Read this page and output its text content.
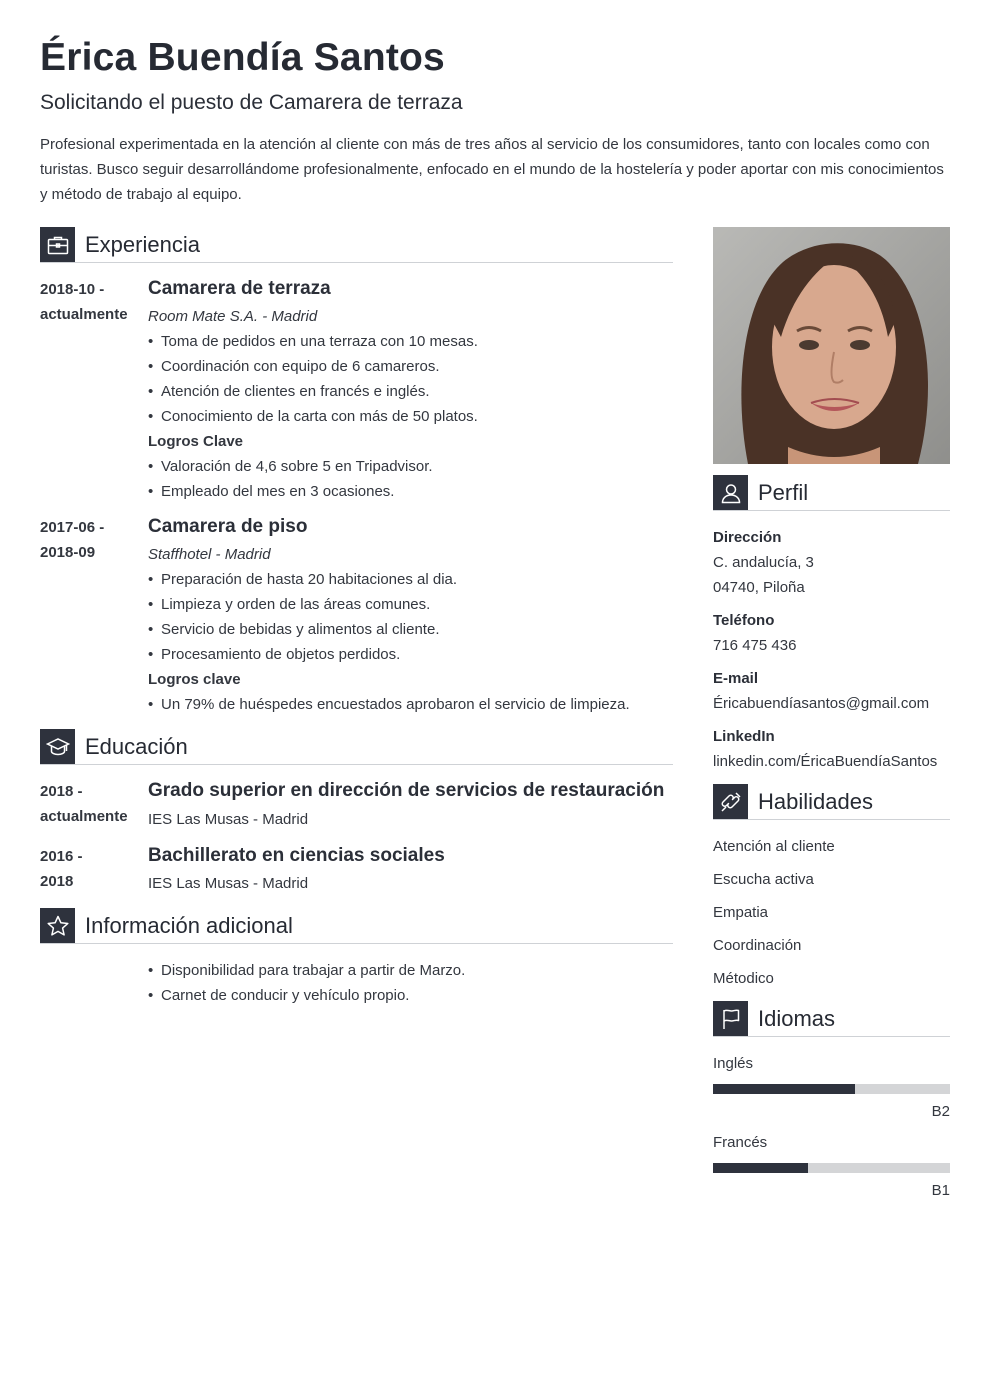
Érica Buendía Santos
Solicitando el puesto de Camarera de terraza
Profesional experimentada en la atención al cliente con más de tres años al servicio de los consumidores, tanto con locales como con turistas. Busco seguir desarrollándome profesionalmente, enfocado en el mundo de la hostelería y poder aportar con mis conocimientos y método de trabajo al equipo.
Experiencia
2018-10 -
actualmente
Camarera de terraza
Room Mate S.A. - Madrid
• Toma de pedidos en una terraza con 10 mesas.
• Coordinación con equipo de 6 camareros.
• Atención de clientes en francés e inglés.
• Conocimiento de la carta con más de 50 platos.
Logros Clave
• Valoración de 4,6 sobre 5 en Tripadvisor.
• Empleado del mes en 3 ocasiones.
2017-06 -
2018-09
Camarera de piso
Staffhotel - Madrid
• Preparación de hasta 20 habitaciones al dia.
• Limpieza y orden de las áreas comunes.
• Servicio de bebidas y alimentos al cliente.
• Procesamiento de objetos perdidos.
Logros clave
• Un 79% de huéspedes encuestados aprobaron el servicio de limpieza.
Educación
2018 -
actualmente
Grado superior en dirección de servicios de restauración
IES Las Musas - Madrid
2016 -
2018
Bachillerato en ciencias sociales
IES Las Musas - Madrid
Información adicional
• Disponibilidad para trabajar a partir de Marzo.
• Carnet de conducir y vehículo propio.
Perfil
Dirección
C. andalucía, 3
04740, Piloña
Teléfono
716 475 436
E-mail
Éricabuendíasantos@gmail.com
LinkedIn
linkedin.com/ÉricaBuendíaSantos
Habilidades
Atención al cliente
Escucha activa
Empatia
Coordinación
Métodico
Idiomas
Inglés
B2
Francés
B1
